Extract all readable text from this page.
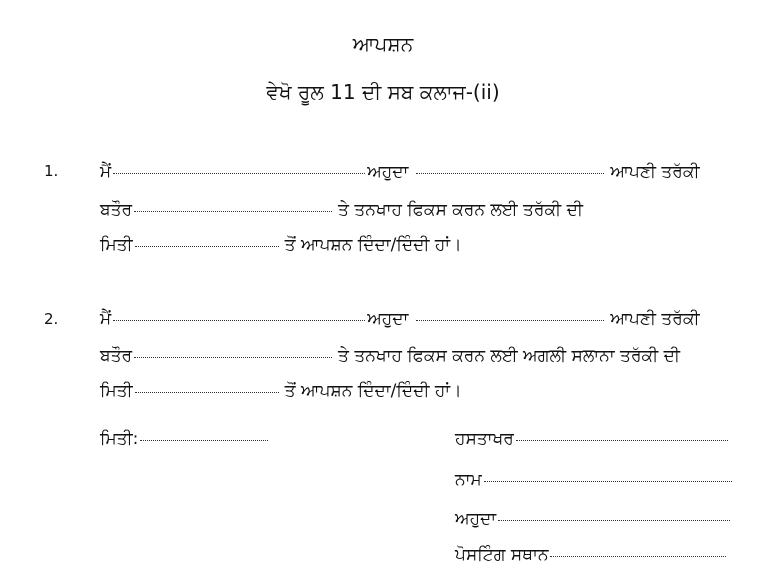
ਆਪਸ਼ਨ
ਵੇਖੋ ਰੂਲ 11 ਦੀ ਸਬ ਕਲਾਜ-(ii)
1. ਮੈਂ	ਅਹੁਦਾ	ਆਪਣੀ ਤਰੱਕੀ
ਬਤੌਰ	ਤੇ ਤਨਖਾਹ ਫਿਕਸ ਕਰਨ ਲਈ ਤਰੱਕੀ ਦੀ
ਮਿਤੀ	ਤੋਂ ਆਪਸ਼ਨ ਦਿੰਦਾ/ਦਿੰਦੀ ਹਾਂ।
2. ਮੈਂ	ਅਹੁਦਾ	ਆਪਣੀ ਤਰੱਕੀ
ਬਤੌਰ	ਤੇ ਤਨਖਾਹ ਫਿਕਸ ਕਰਨ ਲਈ ਅਗਲੀ ਸਲਾਨਾ ਤਰੱਕੀ ਦੀ
ਮਿਤੀ	ਤੋਂ ਆਪਸ਼ਨ ਦਿੰਦਾ/ਦਿੰਦੀ ਹਾਂ।
ਮਿਤੀ:	ਹਸਤਾਖਰ
ਨਾਮ
ਅਹੁਦਾ
ਪੋਸਟਿੰਗ ਸਥਾਨ
